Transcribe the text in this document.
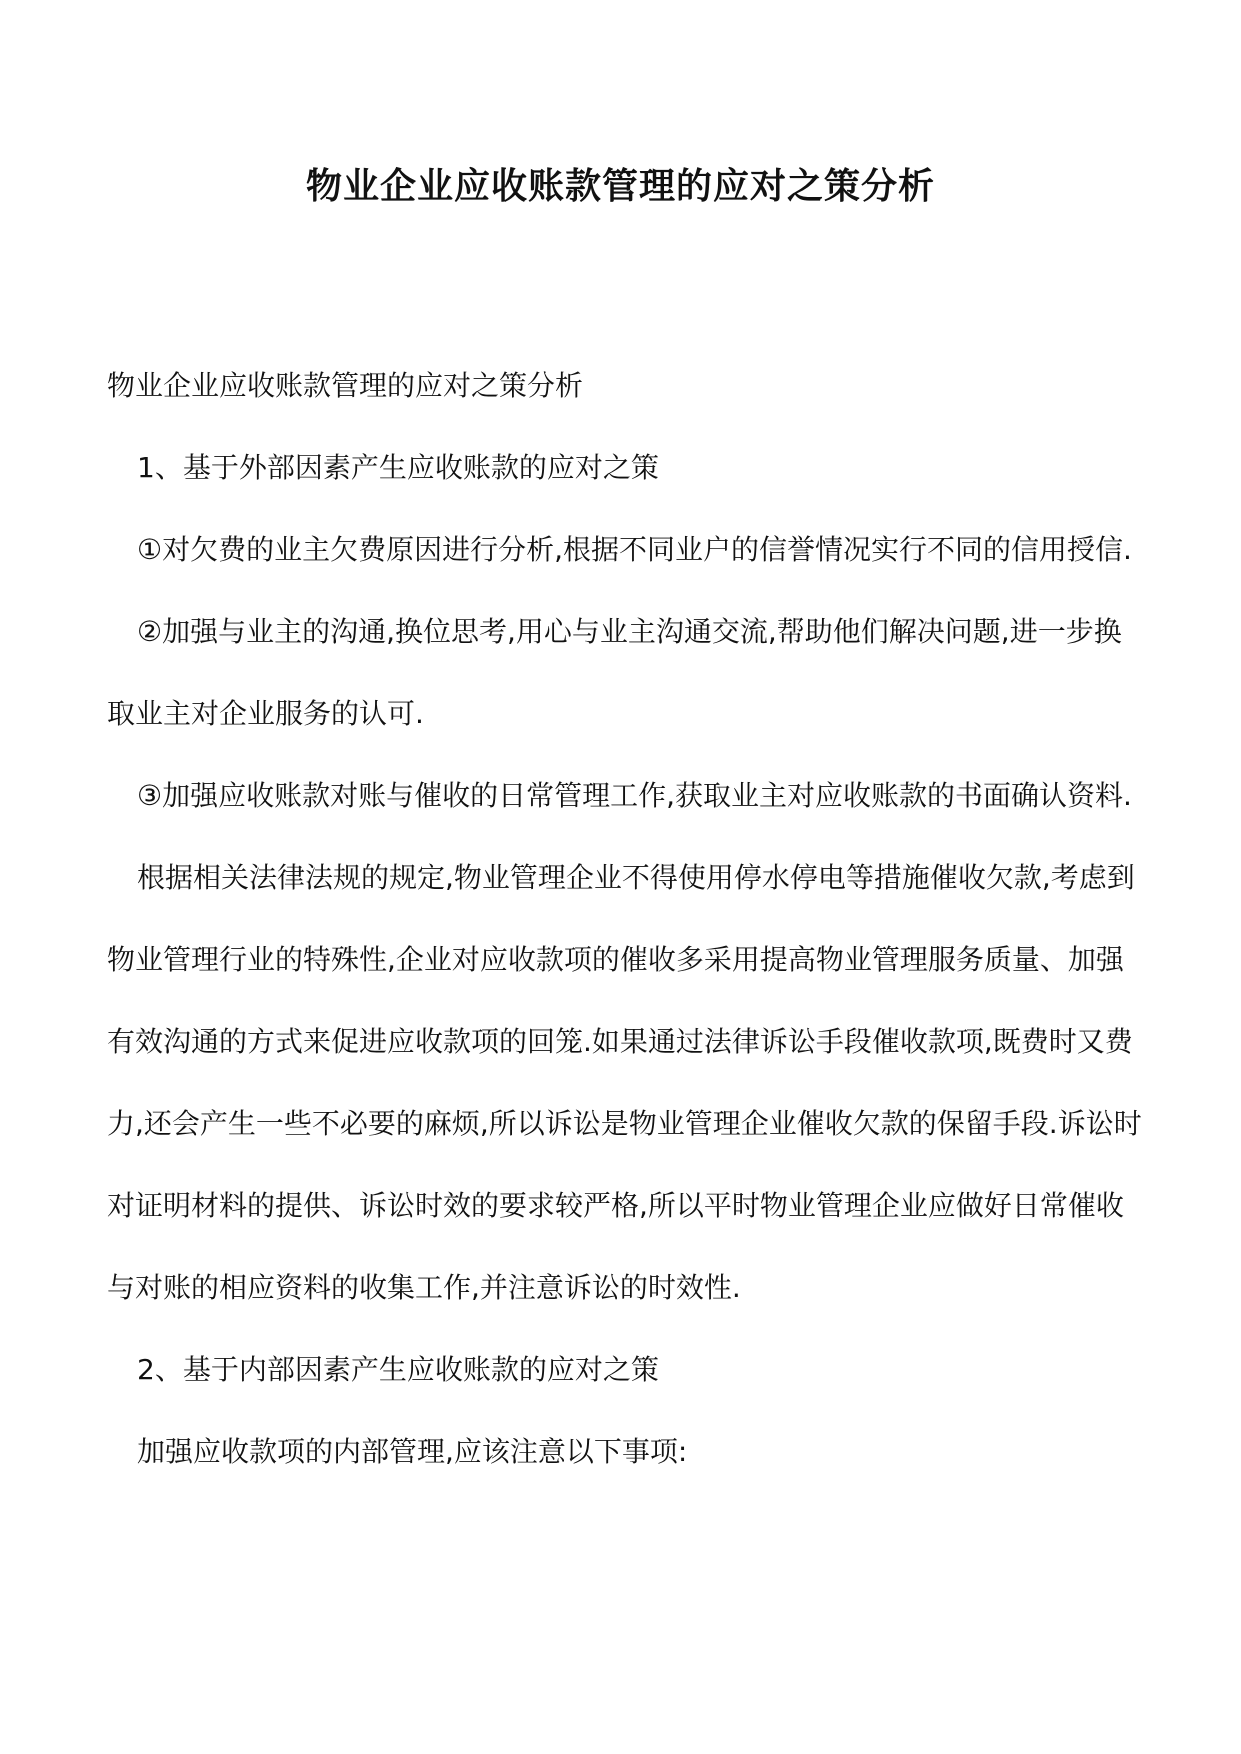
物业企业应收账款管理的应对之策分析

物业企业应收账款管理的应对之策分析

1、基于外部因素产生应收账款的应对之策

①对欠费的业主欠费原因进行分析,根据不同业户的信誉情况实行不同的信用授信.

②加强与业主的沟通,换位思考,用心与业主沟通交流,帮助他们解决问题,进一步换取业主对企业服务的认可.

③加强应收账款对账与催收的日常管理工作,获取业主对应收账款的书面确认资料.

根据相关法律法规的规定,物业管理企业不得使用停水停电等措施催收欠款,考虑到物业管理行业的特殊性,企业对应收款项的催收多采用提高物业管理服务质量、加强有效沟通的方式来促进应收款项的回笼.如果通过法律诉讼手段催收款项,既费时又费力,还会产生一些不必要的麻烦,所以诉讼是物业管理企业催收欠款的保留手段.诉讼时对证明材料的提供、诉讼时效的要求较严格,所以平时物业管理企业应做好日常催收与对账的相应资料的收集工作,并注意诉讼的时效性.

2、基于内部因素产生应收账款的应对之策

加强应收款项的内部管理,应该注意以下事项:
